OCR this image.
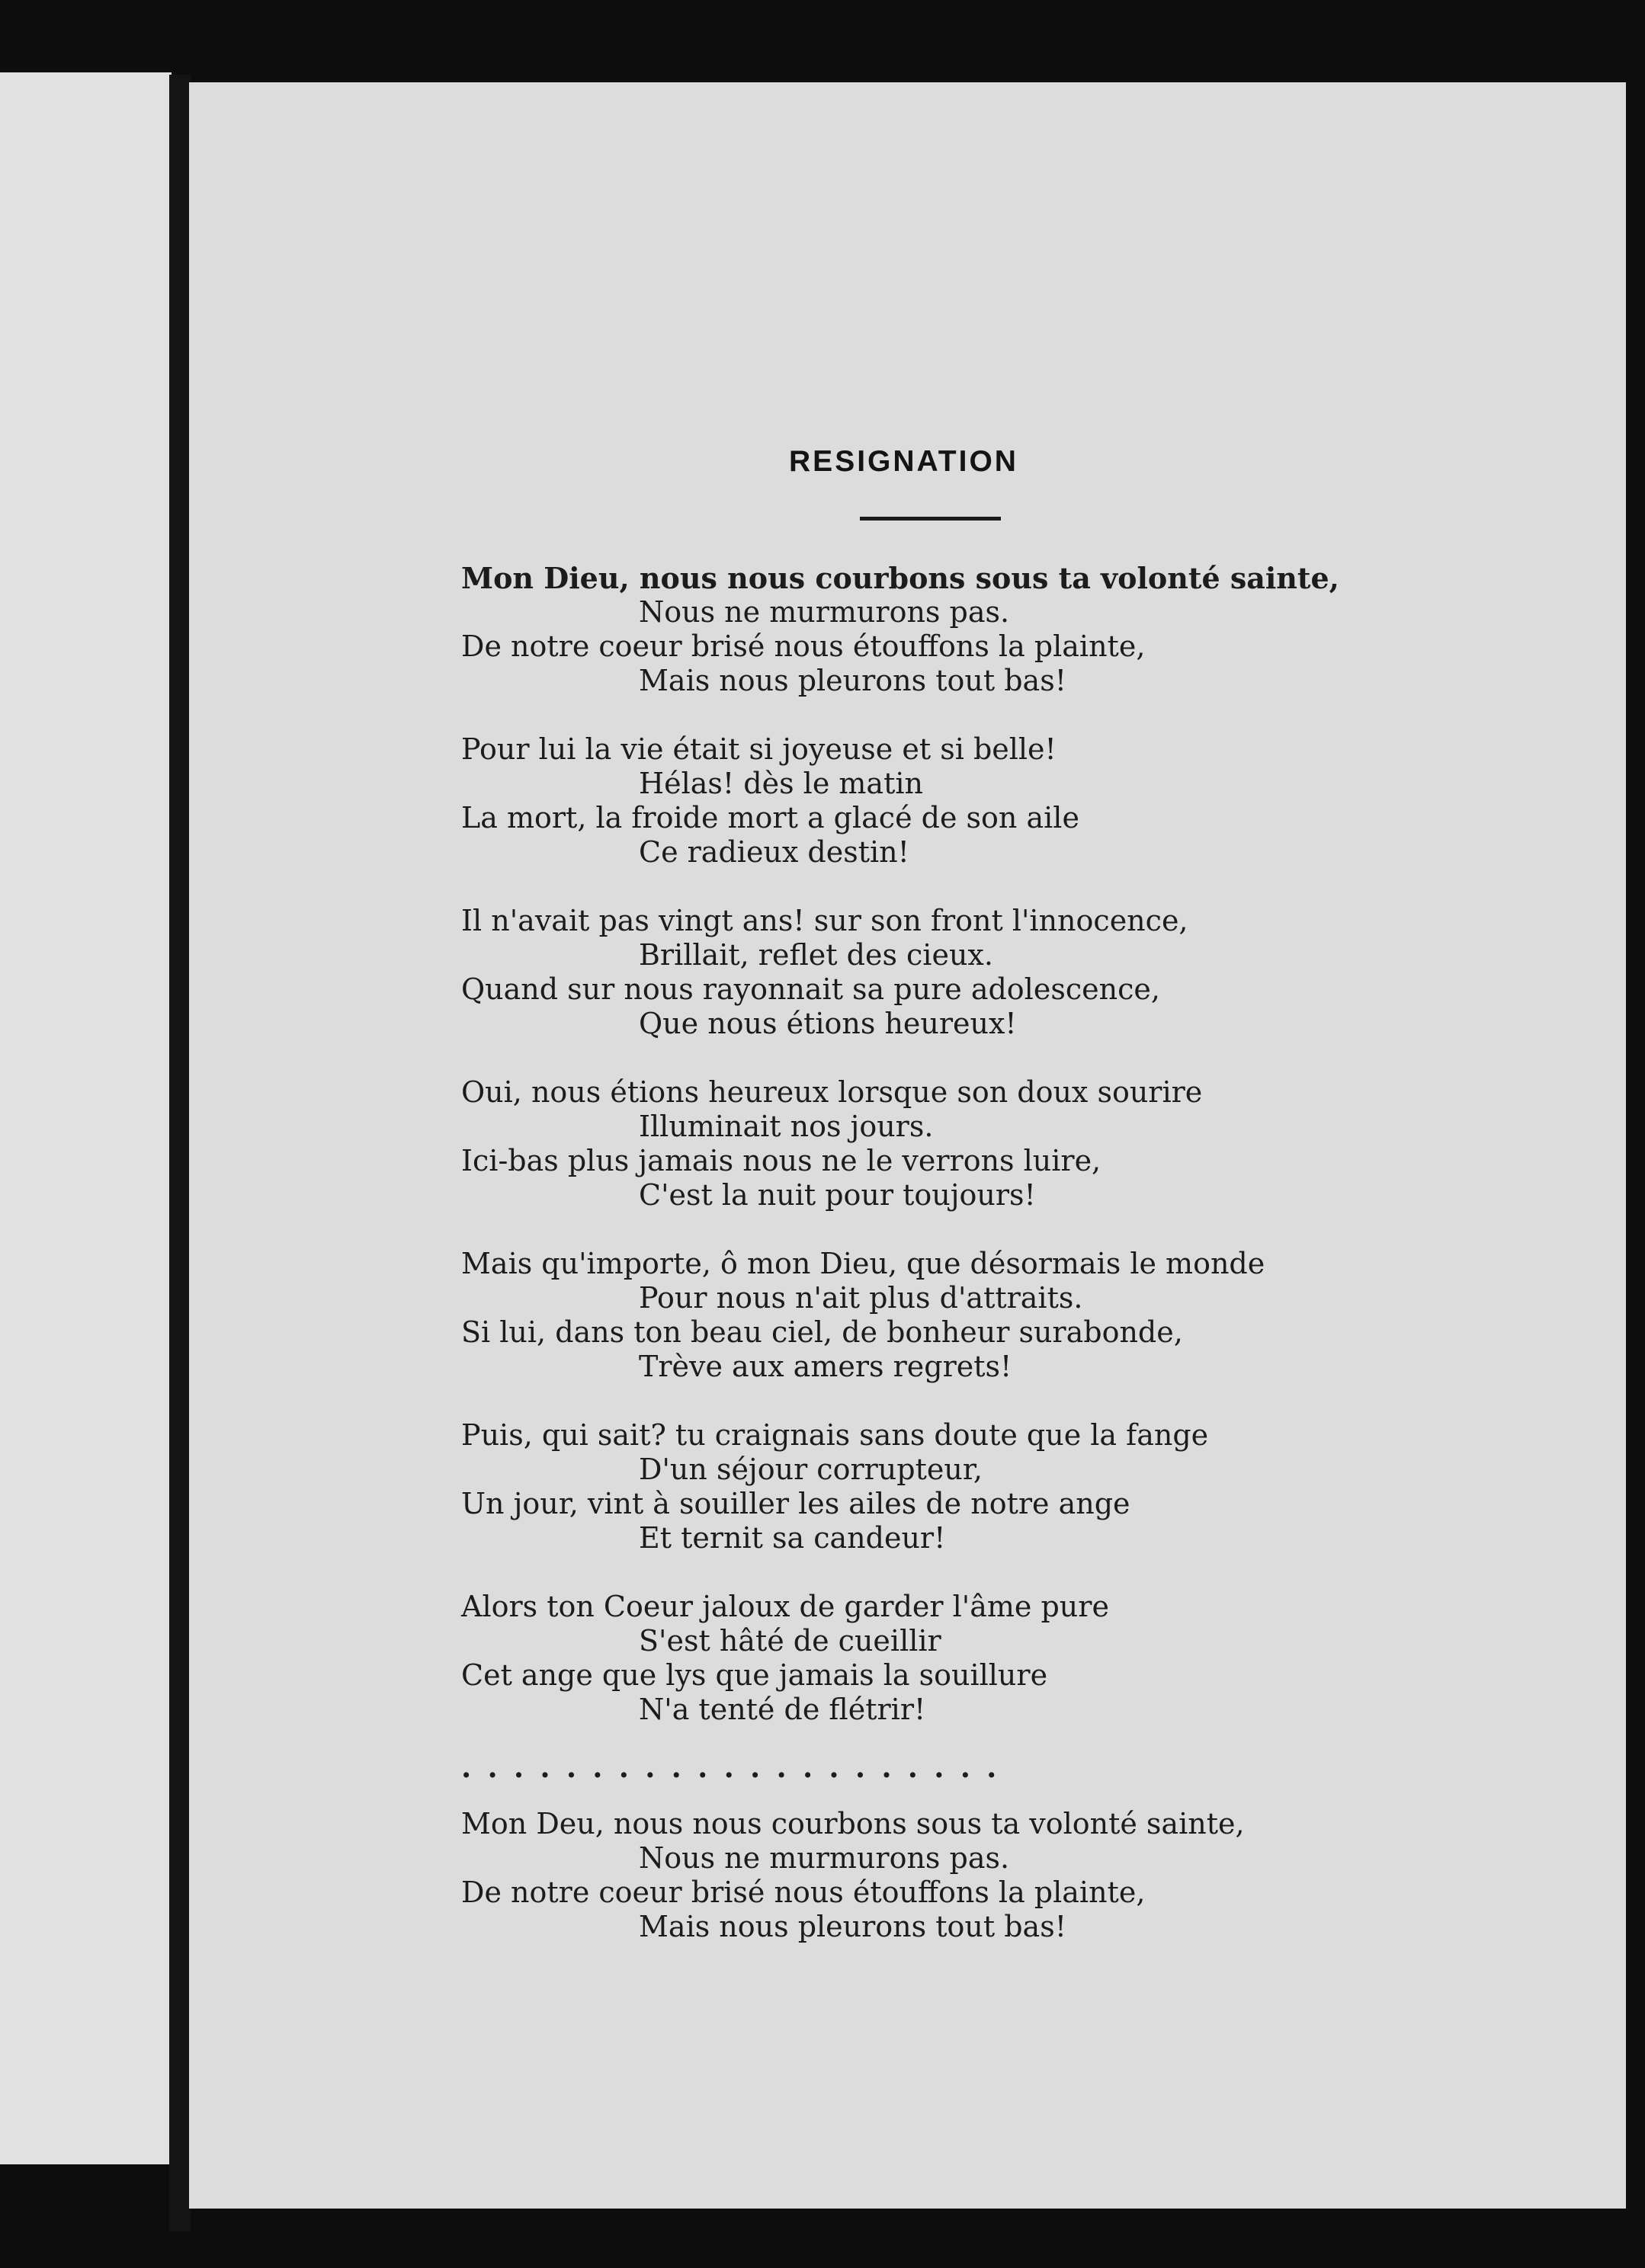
RESIGNATION
Mon Dieu, nous nous courbons sous ta volonté sainte,
Nous ne murmurons pas.
De notre coeur brisé nous étouffons la plainte,
Mais nous pleurons tout bas!
Pour lui la vie était si joyeuse et si belle!
Hélas! dès le matin
La mort, la froide mort a glacé de son aile
Ce radieux destin!
Il n'avait pas vingt ans! sur son front l'innocence,
Brillait, reflet des cieux.
Quand sur nous rayonnait sa pure adolescence,
Que nous étions heureux!
Oui, nous étions heureux lorsque son doux sourire
Illuminait nos jours.
Ici-bas plus jamais nous ne le verrons luire,
C'est la nuit pour toujours!
Mais qu'importe, ô mon Dieu, que désormais le monde
Pour nous n'ait plus d'attraits.
Si lui, dans ton beau ciel, de bonheur surabonde,
Trève aux amers regrets!
Puis, qui sait? tu craignais sans doute que la fange
D'un séjour corrupteur,
Un jour, vint à souiller les ailes de notre ange
Et ternit sa candeur!
Alors ton Coeur jaloux de garder l'âme pure
S'est hâté de cueillir
Cet ange que lys que jamais la souillure
N'a tenté de flétrir!
. . . . . . . . . . . . . . . . . . . . .
Mon Deu, nous nous courbons sous ta volonté sainte,
Nous ne murmurons pas.
De notre coeur brisé nous étouffons la plainte,
Mais nous pleurons tout bas!
